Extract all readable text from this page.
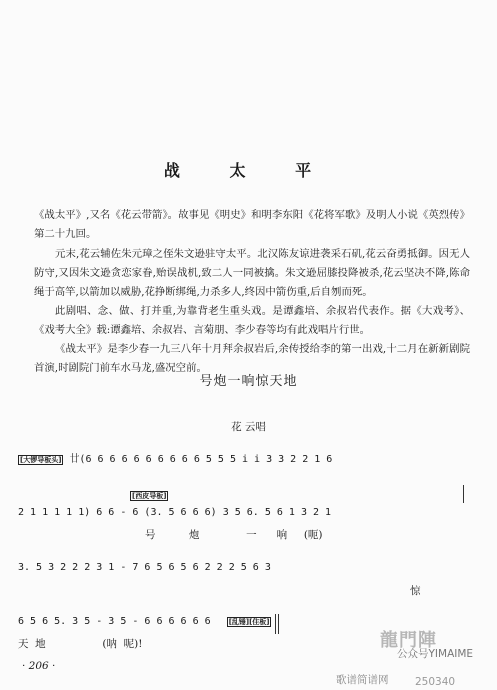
战 太 平
《战太平》,又名《花云带箭》。故事见《明史》和明李东阳《花将军歌》及明人小说《英烈传》第二十九回。
元末,花云辅佐朱元璋之侄朱文逊驻守太平。北汉陈友谅进袭采石矶,花云奋勇抵御。因无人防守,又因朱文逊贪恋家眷,贻误战机,致二人一同被擒。朱文逊屈膝投降被杀,花云坚决不降,陈命绳于高竿,以箭加以威胁,花挣断绑绳,力杀多人,终因中箭伤重,后自刎而死。
此剧唱、念、做、打并重,为靠背老生重头戏。是谭鑫培、余叔岩代表作。据《大戏考》、《戏考大全》载:谭鑫培、余叔岩、言菊朋、李少春等均有此戏唱片行世。
《战太平》是李少春一九三八年十月拜余叔岩后,余传授给李的第一出戏,十二月在新新剧院首演,时剧院门前车水马龙,盛况空前。
号炮一响惊天地
花 云唱
[大锣导板头] 廿(6 6 6 6 6 6 6 6 6 6 5 5 5 i i 3 3 2 2 1 6
[西皮导板]
2 1 1 1 1 1) 6 6 - 6 (3. 5 6 6 6) 3 5 6. 5 6 1 3 2 1
号          炮              一      响     (呃)
3. 5 3 2 2 2 3 1 - 7 6 5 6 5 6 2 2 2 5 6 3
惊
6 5 6 5. 3 5 - 3 5 - 6 6 6 6 6 6	[乱锤][住板]
天  地                 (呐  呢)!
· 206 ·
龍門陣
公众号YIMAIME
歌谱简谱网	250340
